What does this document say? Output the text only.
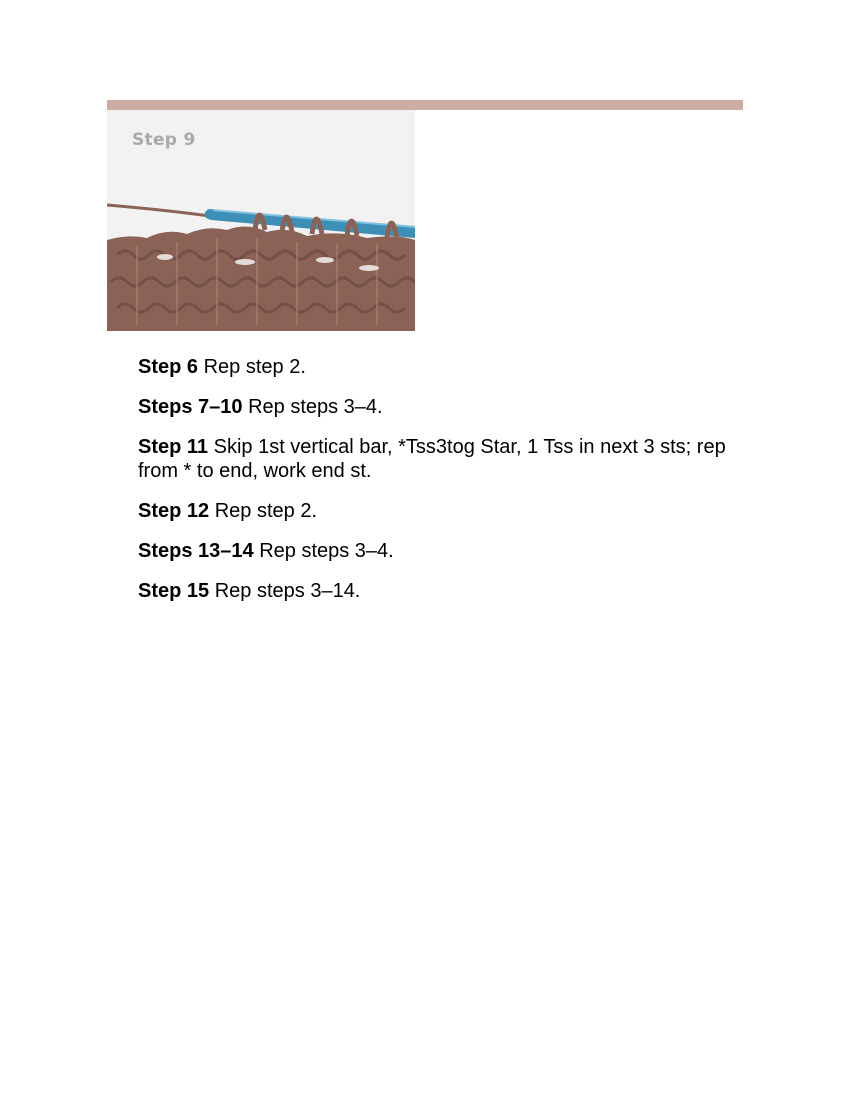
Step 9

Step 6 Rep step 2.

Steps 7–10 Rep steps 3–4.

Step 11 Skip 1st vertical bar, *Tss3tog Star, 1 Tss in next 3 sts; rep from * to end, work end st.

Step 12 Rep step 2.

Steps 13–14 Rep steps 3–4.

Step 15 Rep steps 3–14.
